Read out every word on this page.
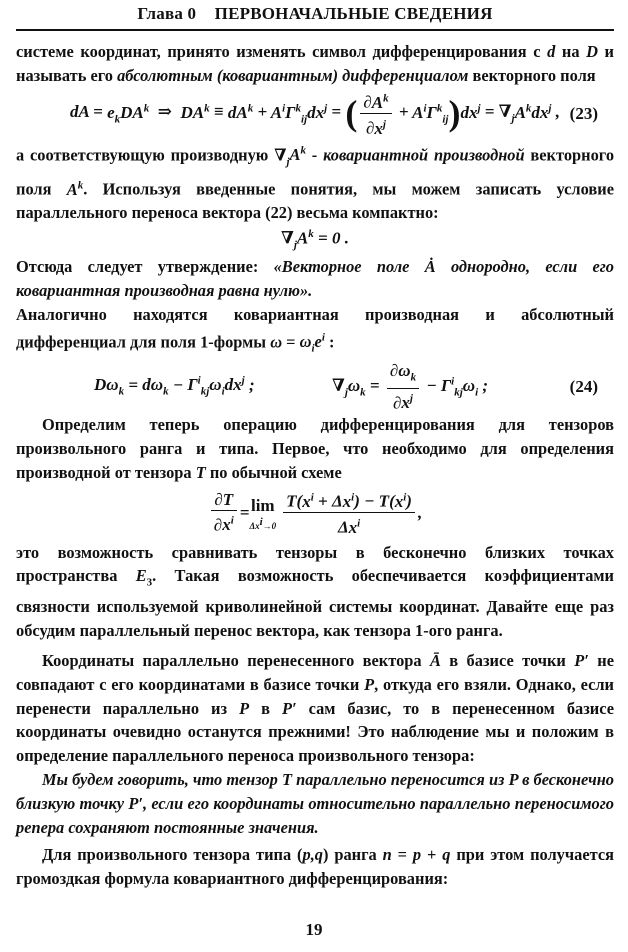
Глава 0 ПЕРВОНАЧАЛЬНЫЕ СВЕДЕНИЯ

системе координат, принято изменять символ дифференцирования с d на D и называть его абсолютным (ковариантным) дифференциалом векторного поля

dA = $e_kDA^k$  ⇒  $DA^k \equiv dA^k + A^i\Gamma^k_{ij}dx^j$ = ( $\frac{\partial A^k}{\partial x^j} + A^i\Gamma^k_{ij})dx^j = \nabla_jA^kdx^j$ , (23)

а соответствующую производную $\nabla_jA^k$ - ковариантной производной векторного поля $A^k$. Используя введенные понятия, мы можем записать условие параллельного переноса вектора (22) весьма компактно:

$\nabla_jA^k = 0$ .

Отсюда следует утверждение: «Векторное поле Ȧ однородно, если его ковариантная производная равна нулю».

Аналогично находятся ковариантная производная и абсолютный дифференциал для поля 1-формы $\omega = \omega_ie^i$ :

$D\omega_k = d\omega_k - \Gamma^i_{kj}\omega_idx^j$ ;	$\nabla_j\omega_k = \frac{\partial\omega_k}{\partial x^j} - \Gamma^i_{kj}\omega_i$ ;	(24)

Определим теперь операцию дифференцирования для тензоров произвольного ранга и типа. Первое, что необходимо для определения производной от тензора T по обычной схеме

$\frac{\partial T}{\partial x^i} = \lim$
$\Delta x^i\to 0 \frac{T(x^i + \Delta x^i) - T(x^i)}{\Delta x^i}$ ,

это возможность сравнивать тензоры в бесконечно близких точках пространства $E_3$. Такая возможность обеспечивается коэффициентами связности используемой криволинейной системы координат. Давайте еще раз обсудим параллельный перенос вектора, как тензора 1-ого ранга.

Координаты параллельно перенесенного вектора Ā в базисе точки P′ не совпадают с его координатами в базисе точки P, откуда его взяли. Однако, если перенести параллельно из P в P′ сам базис, то в перенесенном базисе координаты очевидно останутся прежними! Это наблюдение мы и положим в определение параллельного переноса произвольного тензора:

Мы будем говорить, что тензор T параллельно переносится из P в бесконечно близкую точку P′, если его координаты относительно параллельно переносимого репера сохраняют постоянные значения.

Для произвольного тензора типа (p,q) ранга n = p + q при этом получается громоздкая формула ковариантного дифференцирования:

19
